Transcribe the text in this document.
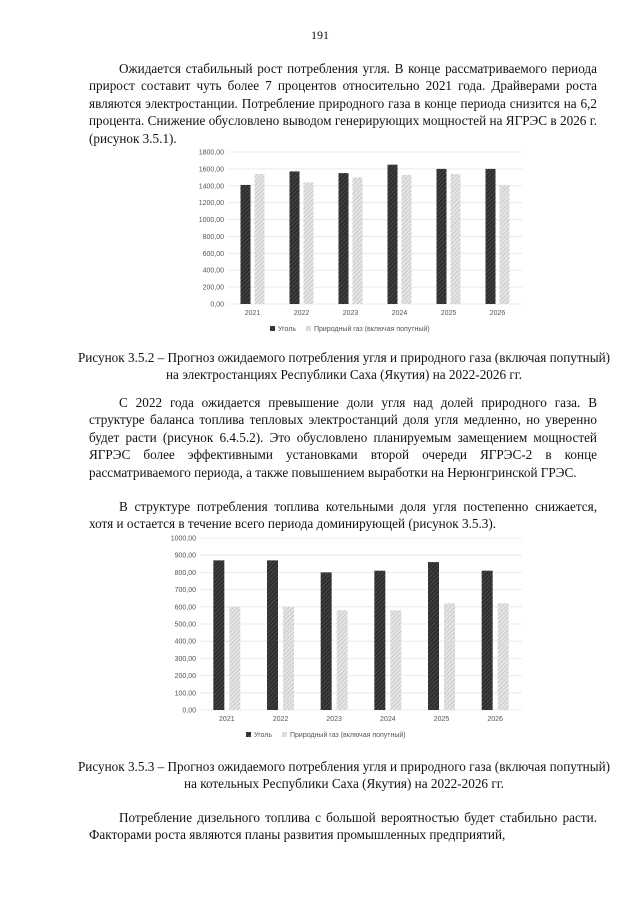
191

Ожидается стабильный рост потребления угля. В конце рассматриваемого периода прирост составит чуть более 7 процентов относительно 2021 года. Драйверами роста являются электростанции. Потребление природного газа в конце периода снизится на 6,2 процента. Снижение обусловлено выводом генерирующих мощностей на ЯГРЭС в 2026 г. (рисунок 3.5.1).

0,00
200,00
400,00
600,00
800,00
1000,00
1200,00
1400,00
1600,00
1800,00
2021	2022	2023	2024	2025	2026
Уголь	Природный газ (включая попутный)

Рисунок 3.5.2 – Прогноз ожидаемого потребления угля и природного газа (включая попутный) на электростанциях Республики Саха (Якутия) на 2022-2026 гг.

С 2022 года ожидается превышение доли угля над долей природного газа. В структуре баланса топлива тепловых электростанций доля угля медленно, но уверенно будет расти (рисунок 6.4.5.2). Это обусловлено планируемым замещением мощностей ЯГРЭС более эффективными установками второй очереди ЯГРЭС-2 в конце рассматриваемого периода, а также повышением выработки на Нерюнгринской ГРЭС.

В структуре потребления топлива котельными доля угля постепенно снижается, хотя и остается в течение всего периода доминирующей (рисунок 3.5.3).

0,00
100,00
200,00
300,00
400,00
500,00
600,00
700,00
800,00
900,00
1000,00
2021	2022	2023	2024	2025	2026
Уголь	Природный газ (включая попутный)

Рисунок 3.5.3 – Прогноз ожидаемого потребления угля и природного газа (включая попутный) на котельных Республики Саха (Якутия) на 2022-2026 гг.

Потребление дизельного топлива с большой вероятностью будет стабильно расти. Факторами роста являются планы развития промышленных предприятий,
